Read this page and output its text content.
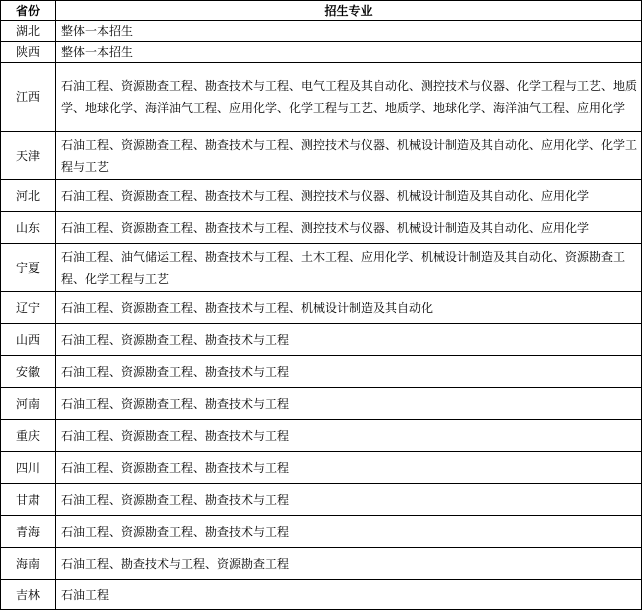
省份	招生专业
湖北	整体一本招生
陕西	整体一本招生
江西	石油工程、资源勘查工程、勘查技术与工程、电气工程及其自动化、测控技术与仪器、化学工程与工艺、地质学、地球化学、海洋油气工程、应用化学、化学工程与工艺、地质学、地球化学、海洋油气工程、应用化学
天津	石油工程、资源勘查工程、勘查技术与工程、测控技术与仪器、机械设计制造及其自动化、应用化学、化学工程与工艺
河北	石油工程、资源勘查工程、勘查技术与工程、测控技术与仪器、机械设计制造及其自动化、应用化学
山东	石油工程、资源勘查工程、勘查技术与工程、测控技术与仪器、机械设计制造及其自动化、应用化学
宁夏	石油工程、油气储运工程、勘查技术与工程、土木工程、应用化学、机械设计制造及其自动化、资源勘查工程、化学工程与工艺
辽宁	石油工程、资源勘查工程、勘查技术与工程、机械设计制造及其自动化
山西	石油工程、资源勘查工程、勘查技术与工程
安徽	石油工程、资源勘查工程、勘查技术与工程
河南	石油工程、资源勘查工程、勘查技术与工程
重庆	石油工程、资源勘查工程、勘查技术与工程
四川	石油工程、资源勘查工程、勘查技术与工程
甘肃	石油工程、资源勘查工程、勘查技术与工程
青海	石油工程、资源勘查工程、勘查技术与工程
海南	石油工程、勘查技术与工程、资源勘查工程
吉林	石油工程
